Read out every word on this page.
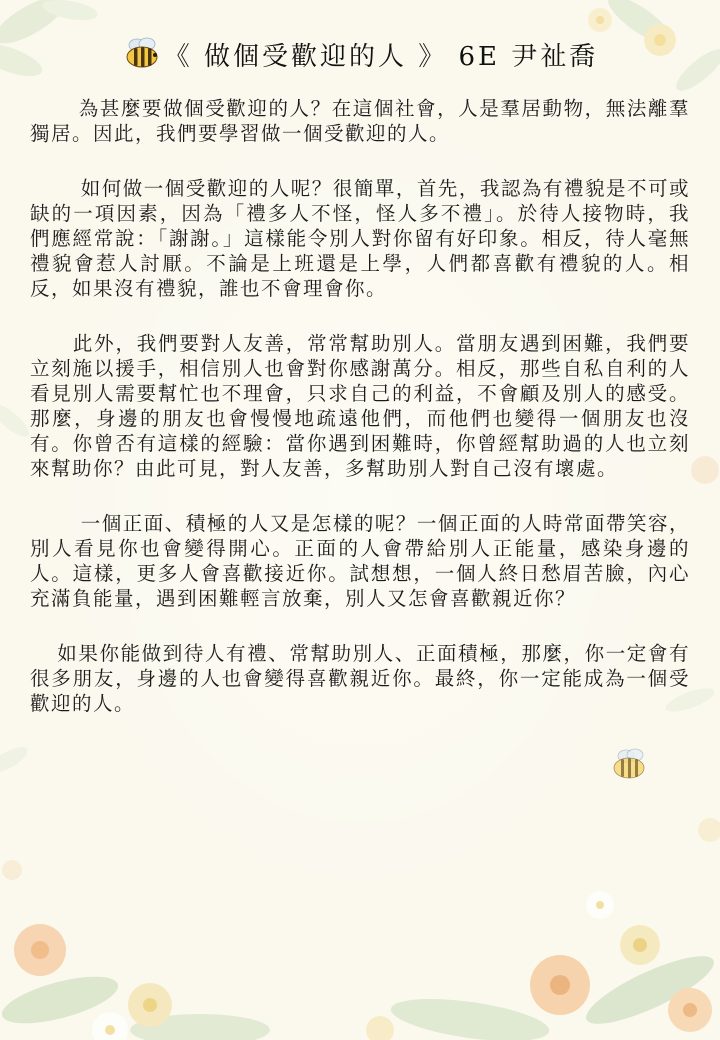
《 做個受歡迎的人 》 6E 尹祉喬

為甚麼要做個受歡迎的人？在這個社會，人是羣居動物，無法離羣獨居。因此，我們要學習做一個受歡迎的人。

如何做一個受歡迎的人呢？很簡單，首先，我認為有禮貌是不可或缺的一項因素，因為「禮多人不怪，怪人多不禮」。於待人接物時，我們應經常說：「謝謝。」這樣能令別人對你留有好印象。相反，待人毫無禮貌會惹人討厭。不論是上班還是上學，人們都喜歡有禮貌的人。相反，如果沒有禮貌，誰也不會理會你。

此外，我們要對人友善，常常幫助別人。當朋友遇到困難，我們要立刻施以援手，相信別人也會對你感謝萬分。相反，那些自私自利的人看見別人需要幫忙也不理會，只求自己的利益，不會顧及別人的感受。那麼，身邊的朋友也會慢慢地疏遠他們，而他們也變得一個朋友也沒有。你曾否有這樣的經驗：當你遇到困難時，你曾經幫助過的人也立刻來幫助你？由此可見，對人友善，多幫助別人對自己沒有壞處。

一個正面、積極的人又是怎樣的呢？一個正面的人時常面帶笑容，別人看見你也會變得開心。正面的人會帶給別人正能量，感染身邊的人。這樣，更多人會喜歡接近你。試想想，一個人終日愁眉苦臉，內心充滿負能量，遇到困難輕言放棄，別人又怎會喜歡親近你？

如果你能做到待人有禮、常幫助別人、正面積極，那麼，你一定會有很多朋友，身邊的人也會變得喜歡親近你。最終，你一定能成為一個受歡迎的人。
